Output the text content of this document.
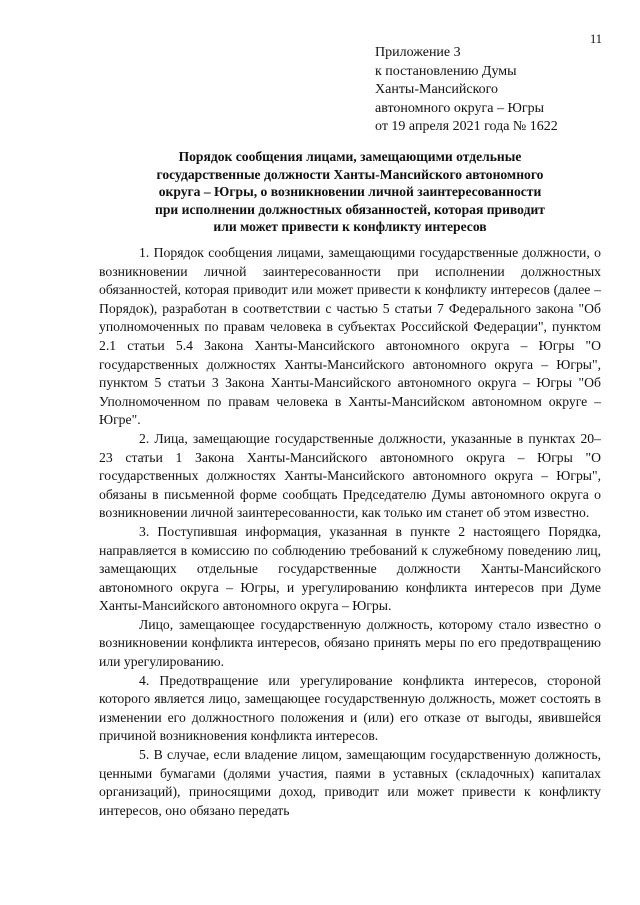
11
Приложение 3
к постановлению Думы
Ханты-Мансийского
автономного округа – Югры
от 19 апреля 2021 года № 1622
Порядок сообщения лицами, замещающими отдельные
государственные должности Ханты-Мансийского автономного
округа – Югры, о возникновении личной заинтересованности
при исполнении должностных обязанностей, которая приводит
или может привести к конфликту интересов

1. Порядок сообщения лицами, замещающими государственные должности, о возникновении личной заинтересованности при исполнении должностных обязанностей, которая приводит или может привести к конфликту интересов (далее – Порядок), разработан в соответствии с частью 5 статьи 7 Федерального закона "Об уполномоченных по правам человека в субъектах Российской Федерации", пунктом 2.1 статьи 5.4 Закона Ханты-Мансийского автономного округа – Югры "О государственных должностях Ханты-Мансийского автономного округа – Югры", пунктом 5 статьи 3 Закона Ханты-Мансийского автономного округа – Югры "Об Уполномоченном по правам человека в Ханты-Мансийском автономном округе – Югре".

2. Лица, замещающие государственные должности, указанные в пунктах 20–23 статьи 1 Закона Ханты-Мансийского автономного округа – Югры "О государственных должностях Ханты-Мансийского автономного округа – Югры", обязаны в письменной форме сообщать Председателю Думы автономного округа о возникновении личной заинтересованности, как только им станет об этом известно.

3. Поступившая информация, указанная в пункте 2 настоящего Порядка, направляется в комиссию по соблюдению требований к служебному поведению лиц, замещающих отдельные государственные должности Ханты-Мансийского автономного округа – Югры, и урегулированию конфликта интересов при Думе Ханты-Мансийского автономного округа – Югры.

Лицо, замещающее государственную должность, которому стало известно о возникновении конфликта интересов, обязано принять меры по его предотвращению или урегулированию.

4. Предотвращение или урегулирование конфликта интересов, стороной которого является лицо, замещающее государственную должность, может состоять в изменении его должностного положения и (или) его отказе от выгоды, явившейся причиной возникновения конфликта интересов.

5. В случае, если владение лицом, замещающим государственную должность, ценными бумагами (долями участия, паями в уставных (складочных) капиталах организаций), приносящими доход, приводит или может привести к конфликту интересов, оно обязано передать
